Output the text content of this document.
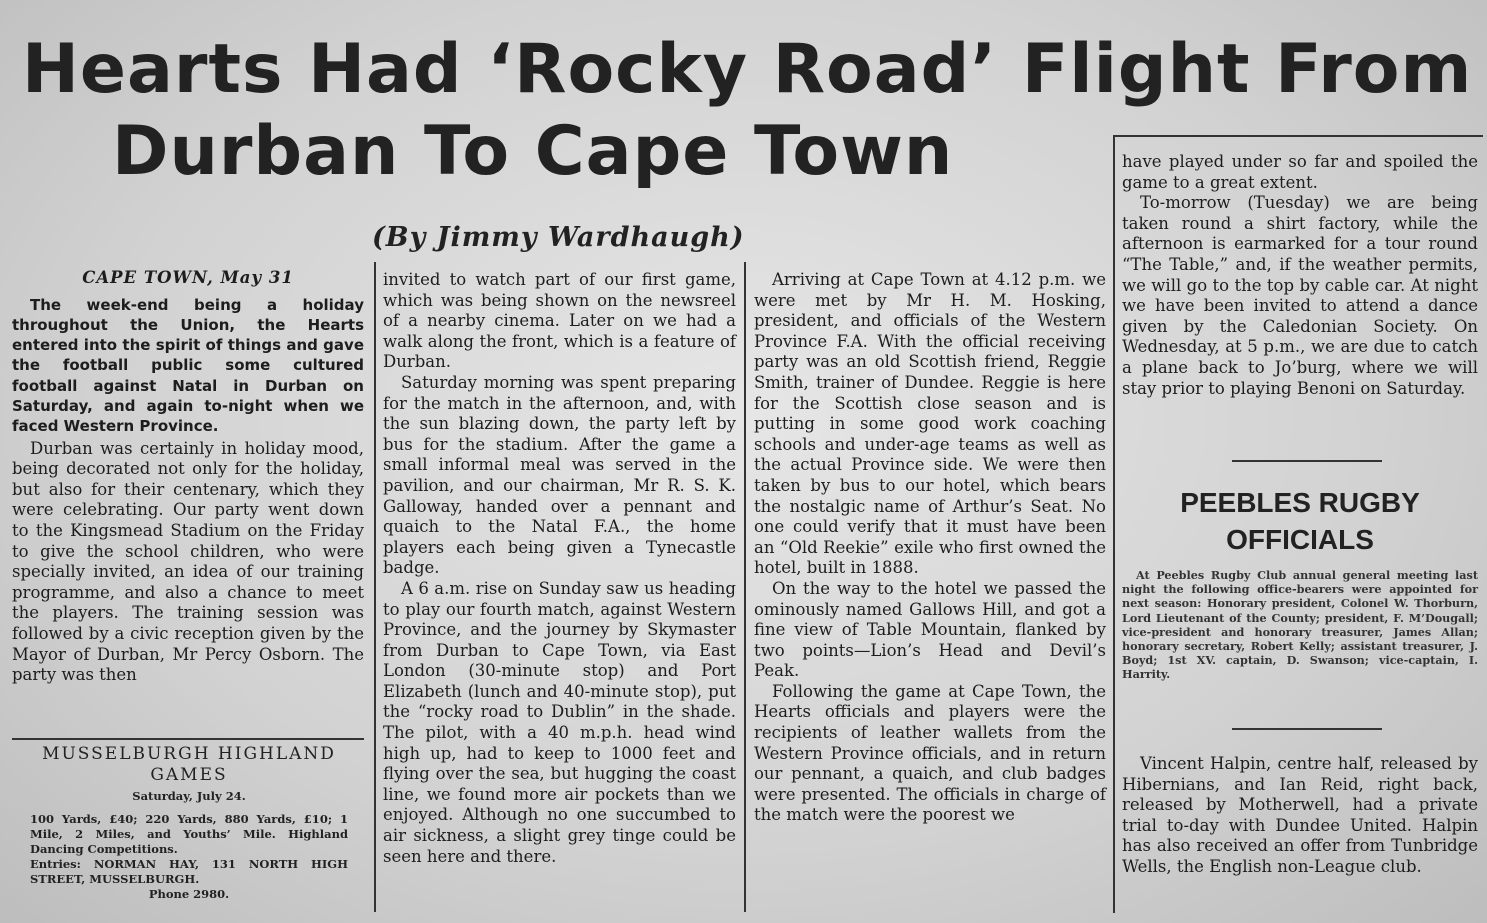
Hearts Had ‘Rocky Road’ Flight From
Durban To Cape Town
(By Jimmy Wardhaugh)
CAPE TOWN, May 31
The week-end being a holiday throughout the Union, the Hearts entered into the spirit of things and gave the football public some cultured football against Natal in Durban on Saturday, and again to-night when we faced Western Province.

Durban was certainly in holiday mood, being decorated not only for the holiday, but also for their centenary, which they were celebrating. Our party went down to the Kingsmead Stadium on the Friday to give the school children, who were specially invited, an idea of our training programme, and also a chance to meet the players. The training session was followed by a civic reception given by the Mayor of Durban, Mr Percy Osborn. The party was then

MUSSELBURGH HIGHLAND GAMES
Saturday, July 24.
100 Yards, £40; 220 Yards, 880 Yards, £10; 1 Mile, 2 Miles, and Youths’ Mile. Highland Dancing Competitions.
Entries: NORMAN HAY, 131 NORTH HIGH STREET, MUSSELBURGH.
Phone 2980.

invited to watch part of our first game, which was being shown on the newsreel of a nearby cinema. Later on we had a walk along the front, which is a feature of Durban.

Saturday morning was spent preparing for the match in the afternoon, and, with the sun blazing down, the party left by bus for the stadium. After the game a small informal meal was served in the pavilion, and our chairman, Mr R. S. K. Galloway, handed over a pennant and quaich to the Natal F.A., the home players each being given a Tynecastle badge.

A 6 a.m. rise on Sunday saw us heading to play our fourth match, against Western Province, and the journey by Skymaster from Durban to Cape Town, via East London (30-minute stop) and Port Elizabeth (lunch and 40-minute stop), put the “rocky road to Dublin” in the shade. The pilot, with a 40 m.p.h. head wind high up, had to keep to 1000 feet and flying over the sea, but hugging the coast line, we found more air pockets than we enjoyed. Although no one succumbed to air sickness, a slight grey tinge could be seen here and there.

Arriving at Cape Town at 4.12 p.m. we were met by Mr H. M. Hosking, president, and officials of the Western Province F.A. With the official receiving party was an old Scottish friend, Reggie Smith, trainer of Dundee. Reggie is here for the Scottish close season and is putting in some good work coaching schools and under-age teams as well as the actual Province side. We were then taken by bus to our hotel, which bears the nostalgic name of Arthur’s Seat. No one could verify that it must have been an “Old Reekie” exile who first owned the hotel, built in 1888.

On the way to the hotel we passed the ominously named Gallows Hill, and got a fine view of Table Mountain, flanked by two points—Lion’s Head and Devil’s Peak.

Following the game at Cape Town, the Hearts officials and players were the recipients of leather wallets from the Western Province officials, and in return our pennant, a quaich, and club badges were presented. The officials in charge of the match were the poorest we

have played under so far and spoiled the game to a great extent.

To-morrow (Tuesday) we are being taken round a shirt factory, while the afternoon is earmarked for a tour round “The Table,” and, if the weather permits, we will go to the top by cable car. At night we have been invited to attend a dance given by the Caledonian Society. On Wednesday, at 5 p.m., we are due to catch a plane back to Jo’burg, where we will stay prior to playing Benoni on Saturday.

PEEBLES RUGBY OFFICIALS

At Peebles Rugby Club annual general meeting last night the following office-bearers were appointed for next season: Honorary president, Colonel W. Thorburn, Lord Lieutenant of the County; president, F. M’Dougall; vice-president and honorary treasurer, James Allan; honorary secretary, Robert Kelly; assistant treasurer, J. Boyd; 1st XV. captain, D. Swanson; vice-captain, I. Harrity.

Vincent Halpin, centre half, released by Hibernians, and Ian Reid, right back, released by Motherwell, had a private trial to-day with Dundee United. Halpin has also received an offer from Tunbridge Wells, the English non-League club.
